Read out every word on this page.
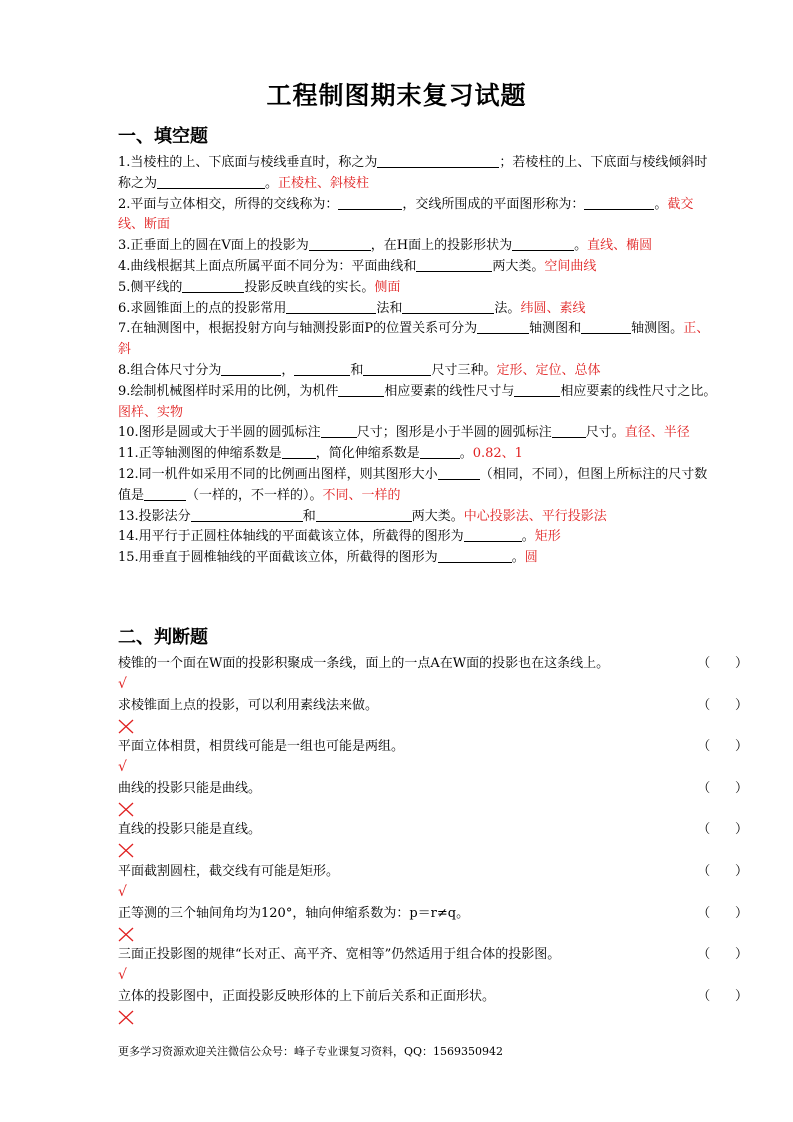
工程制图期末复习试题
一、填空题

1.当棱柱的上、下底面与棱线垂直时，称之为	；若棱柱的上、下底面与棱线倾斜时称之为	。正棱柱、斜棱柱

2.平面与立体相交，所得的交线称为：	，交线所围成的平面图形称为：	。截交线、断面

3.正垂面上的圆在V面上的投影为	，在H面上的投影形状为	。直线、椭圆

4.曲线根据其上面点所属平面不同分为：平面曲线和	两大类。空间曲线

5.侧平线的	投影反映直线的实长。侧面

6.求圆锥面上的点的投影常用	法和	法。纬圆、素线

7.在轴测图中，根据投射方向与轴测投影面P的位置关系可分为	轴测图和	轴测图。正、斜

8.组合体尺寸分为	，	和	尺寸三种。定形、定位、总体

9.绘制机械图样时采用的比例，为机件	相应要素的线性尺寸与	相应要素的线性尺寸之比。图样、实物

10.图形是圆或大于半圆的圆弧标注	尺寸；图形是小于半圆的圆弧标注	尺寸。直径、半径

11.正等轴测图的伸缩系数是	，简化伸缩系数是	。0.82、1

12.同一机件如采用不同的比例画出图样，则其图形大小	（相同，不同），但图上所标注的尺寸数值是	（一样的，不一样的）。不同、一样的

13.投影法分	和	两大类。中心投影法、平行投影法

14.用平行于正圆柱体轴线的平面截该立体，所截得的图形为	。矩形

15.用垂直于圆椎轴线的平面截该立体，所截得的图形为	。圆

二、判断题
棱锥的一个面在W面的投影积聚成一条线，面上的一点A在W面的投影也在这条线上。	（      ）
√
求棱锥面上点的投影，可以利用素线法来做。	（      ）
平面立体相贯，相贯线可能是一组也可能是两组。	（      ）
√
曲线的投影只能是曲线。	（      ）
直线的投影只能是直线。	（      ）
平面截割圆柱，截交线有可能是矩形。	（      ）
√
正等测的三个轴间角均为120°，轴向伸缩系数为：p＝r≠q。	（      ）
三面正投影图的规律“长对正、高平齐、宽相等”仍然适用于组合体的投影图。	（      ）
√
立体的投影图中，正面投影反映形体的上下前后关系和正面形状。	（      ）
更多学习资源欢迎关注微信公众号：峰子专业课复习资料，QQ：1569350942
